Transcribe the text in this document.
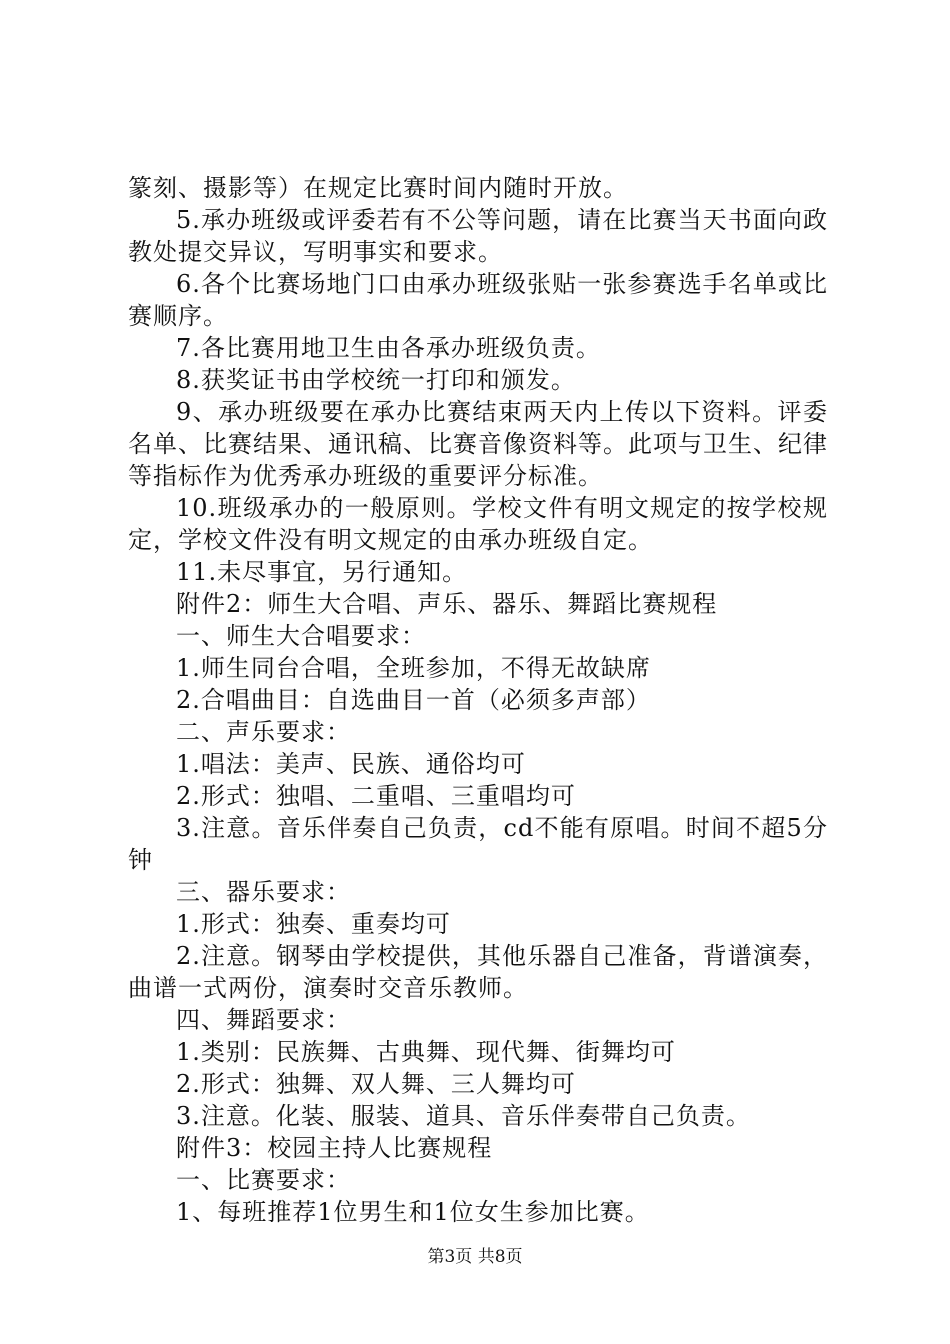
篆刻、摄影等）在规定比赛时间内随时开放。

5.承办班级或评委若有不公等问题，请在比赛当天书面向政教处提交异议，写明事实和要求。

6.各个比赛场地门口由承办班级张贴一张参赛选手名单或比赛顺序。

7.各比赛用地卫生由各承办班级负责。

8.获奖证书由学校统一打印和颁发。

9、承办班级要在承办比赛结束两天内上传以下资料。评委名单、比赛结果、通讯稿、比赛音像资料等。此项与卫生、纪律等指标作为优秀承办班级的重要评分标准。

10.班级承办的一般原则。学校文件有明文规定的按学校规定，学校文件没有明文规定的由承办班级自定。

11.未尽事宜，另行通知。

附件2：师生大合唱、声乐、器乐、舞蹈比赛规程

一、师生大合唱要求：

1.师生同台合唱，全班参加，不得无故缺席

2.合唱曲目：自选曲目一首（必须多声部）

二、声乐要求：

1.唱法：美声、民族、通俗均可

2.形式：独唱、二重唱、三重唱均可

3.注意。音乐伴奏自己负责，cd不能有原唱。时间不超5分钟

三、器乐要求：

1.形式：独奏、重奏均可

2.注意。钢琴由学校提供，其他乐器自己准备，背谱演奏，曲谱一式两份，演奏时交音乐教师。

四、舞蹈要求：

1.类别：民族舞、古典舞、现代舞、街舞均可

2.形式：独舞、双人舞、三人舞均可

3.注意。化装、服装、道具、音乐伴奏带自己负责。

附件3：校园主持人比赛规程

一、比赛要求：

1、每班推荐1位男生和1位女生参加比赛。

第3页 共8页
